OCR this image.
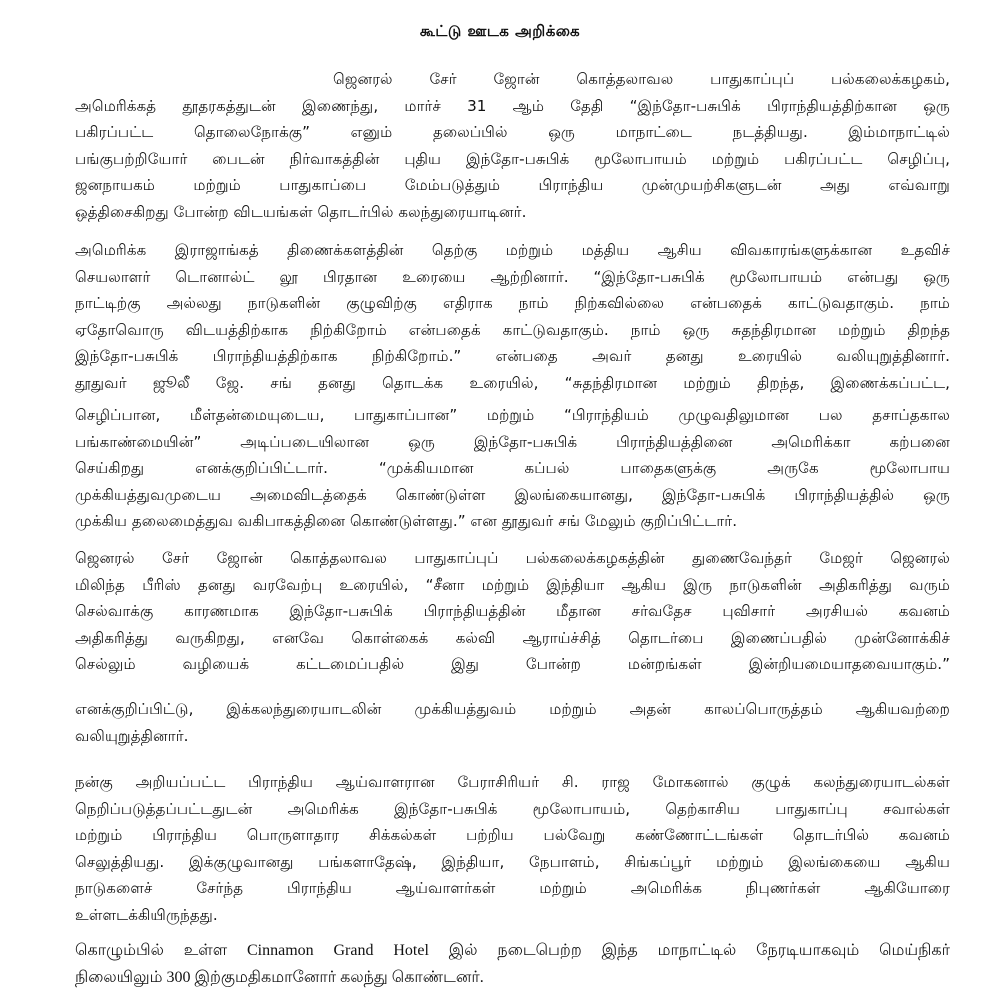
கூட்டு ஊடக அறிக்கை
ஜெனரல் சேர் ஜோன் கொத்தலாவல பாதுகாப்புப் பல்கலைக்கழகம்,
அமெரிக்கத் தூதரகத்துடன் இணைந்து, மார்ச் 31 ஆம் தேதி “இந்தோ-பசுபிக் பிராந்தியத்திற்கான ஒரு
பகிரப்பட்ட தொலைநோக்கு” எனும் தலைப்பில் ஒரு மாநாட்டை நடத்தியது. இம்மாநாட்டில்
பங்குபற்றியோர் பைடன் நிர்வாகத்தின் புதிய இந்தோ-பசுபிக் மூலோபாயம் மற்றும் பகிரப்பட்ட செழிப்பு,
ஜனநாயகம் மற்றும் பாதுகாப்பை மேம்படுத்தும் பிராந்திய முன்முயற்சிகளுடன் அது எவ்வாறு
ஒத்திசைகிறது போன்ற விடயங்கள் தொடர்பில் கலந்துரையாடினர்.
அமெரிக்க இராஜாங்கத் திணைக்களத்தின் தெற்கு மற்றும் மத்திய ஆசிய விவகாரங்களுக்கான உதவிச்
செயலாளர் டொனால்ட் லூ பிரதான உரையை ஆற்றினார். “இந்தோ-பசுபிக் மூலோபாயம் என்பது ஒரு
நாட்டிற்கு அல்லது நாடுகளின் குழுவிற்கு எதிராக நாம் நிற்கவில்லை என்பதைக் காட்டுவதாகும். நாம்
ஏதோவொரு விடயத்திற்காக நிற்கிறோம் என்பதைக் காட்டுவதாகும். நாம் ஒரு சுதந்திரமான மற்றும் திறந்த
இந்தோ-பசுபிக் பிராந்தியத்திற்காக நிற்கிறோம்.” என்பதை அவர் தனது உரையில் வலியுறுத்தினார்.
தூதுவர் ஜூலீ ஜே. சங் தனது தொடக்க உரையில், “சுதந்திரமான மற்றும் திறந்த, இணைக்கப்பட்ட,
செழிப்பான, மீள்தன்மையுடைய, பாதுகாப்பான” மற்றும் “பிராந்தியம் முழுவதிலுமான பல தசாப்தகால
பங்காண்மையின்” அடிப்படையிலான ஒரு இந்தோ-பசுபிக் பிராந்தியத்தினை அமெரிக்கா கற்பனை
செய்கிறது எனக்குறிப்பிட்டார். “முக்கியமான கப்பல் பாதைகளுக்கு அருகே மூலோபாய
முக்கியத்துவமுடைய அமைவிடத்தைக் கொண்டுள்ள இலங்கையானது, இந்தோ-பசுபிக் பிராந்தியத்தில் ஒரு
முக்கிய தலைமைத்துவ வகிபாகத்தினை கொண்டுள்ளது.” என தூதுவர் சங் மேலும் குறிப்பிட்டார்.
ஜெனரல் சேர் ஜோன் கொத்தலாவல பாதுகாப்புப் பல்கலைக்கழகத்தின் துணைவேந்தர் மேஜர் ஜெனரல்
மிலிந்த பீரிஸ் தனது வரவேற்பு உரையில், “சீனா மற்றும் இந்தியா ஆகிய இரு நாடுகளின் அதிகரித்து வரும்
செல்வாக்கு காரணமாக இந்தோ-பசுபிக் பிராந்தியத்தின் மீதான சர்வதேச புவிசார் அரசியல் கவனம்
அதிகரித்து வருகிறது, எனவே கொள்கைக் கல்வி ஆராய்ச்சித் தொடர்பை இணைப்பதில் முன்னோக்கிச்
செல்லும் வழியைக் கட்டமைப்பதில் இது போன்ற மன்றங்கள் இன்றியமையாதவையாகும்.”
எனக்குறிப்பிட்டு, இக்கலந்துரையாடலின் முக்கியத்துவம் மற்றும் அதன் காலப்பொருத்தம் ஆகியவற்றை
வலியுறுத்தினார்.
நன்கு அறியப்பட்ட பிராந்திய ஆய்வாளரான பேராசிரியர் சி. ராஜ மோகனால் குழுக் கலந்துரையாடல்கள்
நெறிப்படுத்தப்பட்டதுடன் அமெரிக்க இந்தோ-பசுபிக் மூலோபாயம், தெற்காசிய பாதுகாப்பு சவால்கள்
மற்றும் பிராந்திய பொருளாதார சிக்கல்கள் பற்றிய பல்வேறு கண்ணோட்டங்கள் தொடர்பில் கவனம்
செலுத்தியது. இக்குழுவானது பங்களாதேஷ், இந்தியா, நேபாளம், சிங்கப்பூர் மற்றும் இலங்கையை ஆகிய
நாடுகளைச் சேர்ந்த பிராந்திய ஆய்வாளர்கள் மற்றும் அமெரிக்க நிபுணர்கள் ஆகியோரை
உள்ளடக்கியிருந்தது.
கொழும்பில் உள்ள Cinnamon Grand Hotel இல் நடைபெற்ற இந்த மாநாட்டில் நேரடியாகவும் மெய்நிகர்
நிலையிலும் 300 இற்குமதிகமானோர் கலந்து கொண்டனர்.
